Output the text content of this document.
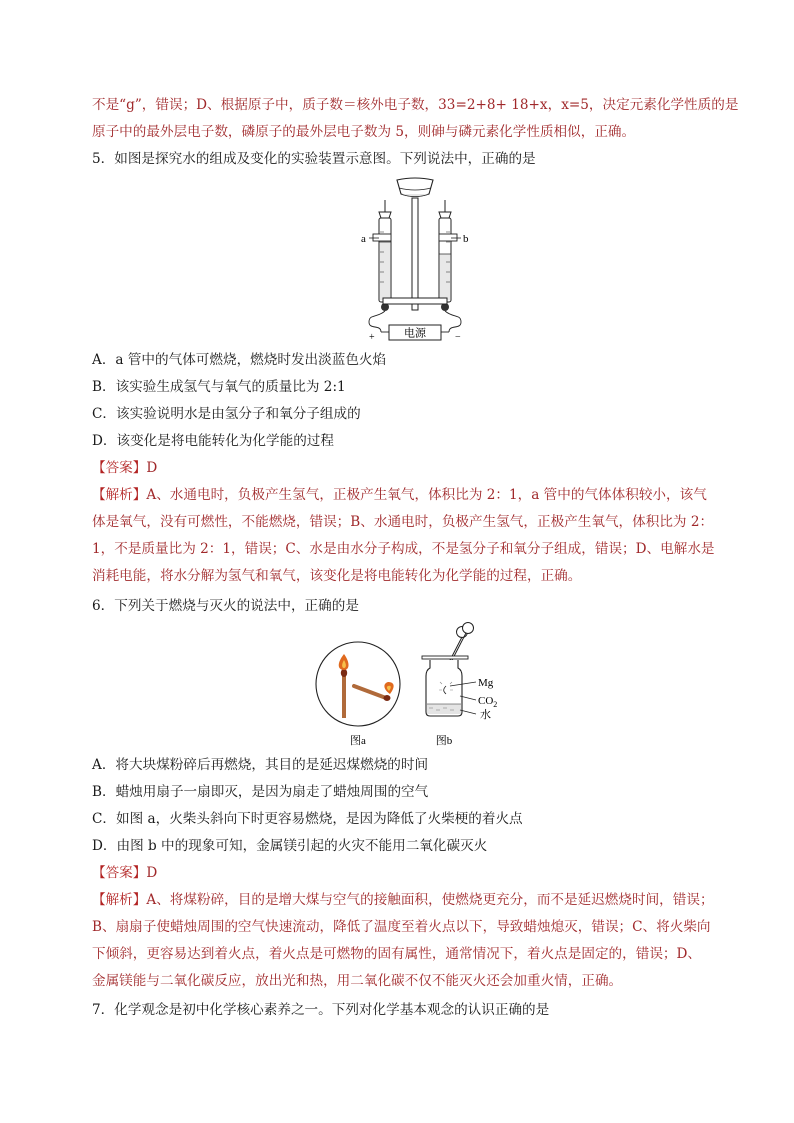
不是“g”，错误；D、根据原子中，质子数＝核外电子数，33=2+8+ 18+x，x=5，决定元素化学性质的是
原子中的最外层电子数，磷原子的最外层电子数为 5，则砷与磷元素化学性质相似，正确。
5．如图是探究水的组成及变化的实验装置示意图。下列说法中，正确的是
a	b
电源
+	−
A．a 管中的气体可燃烧，燃烧时发出淡蓝色火焰
B．该实验生成氢气与氧气的质量比为 2:1
C．该实验说明水是由氢分子和氧分子组成的
D．该变化是将电能转化为化学能的过程
【答案】D
【解析】A、水通电时，负极产生氢气，正极产生氧气，体积比为 2：1，a 管中的气体体积较小，该气
体是氧气，没有可燃性，不能燃烧，错误；B、水通电时，负极产生氢气，正极产生氧气，体积比为 2：
1，不是质量比为 2：1，错误；C、水是由水分子构成，不是氢分子和氧分子组成，错误；D、电解水是
消耗电能，将水分解为氢气和氧气，该变化是将电能转化为化学能的过程，正确。
6．下列关于燃烧与灭火的说法中，正确的是
图a
Mg
$CO_2$
水
图b
A．将大块煤粉碎后再燃烧，其目的是延迟煤燃烧的时间
B．蜡烛用扇子一扇即灭，是因为扇走了蜡烛周围的空气
C．如图 a，火柴头斜向下时更容易燃烧，是因为降低了火柴梗的着火点
D．由图 b 中的现象可知，金属镁引起的火灾不能用二氧化碳灭火
【答案】D
【解析】A、将煤粉碎，目的是增大煤与空气的接触面积，使燃烧更充分，而不是延迟燃烧时间，错误；
B、扇扇子使蜡烛周围的空气快速流动，降低了温度至着火点以下，导致蜡烛熄灭，错误；C、将火柴向
下倾斜，更容易达到着火点，着火点是可燃物的固有属性，通常情况下，着火点是固定的，错误；D、
金属镁能与二氧化碳反应，放出光和热，用二氧化碳不仅不能灭火还会加重火情，正确。
7．化学观念是初中化学核心素养之一。下列对化学基本观念的认识正确的是
